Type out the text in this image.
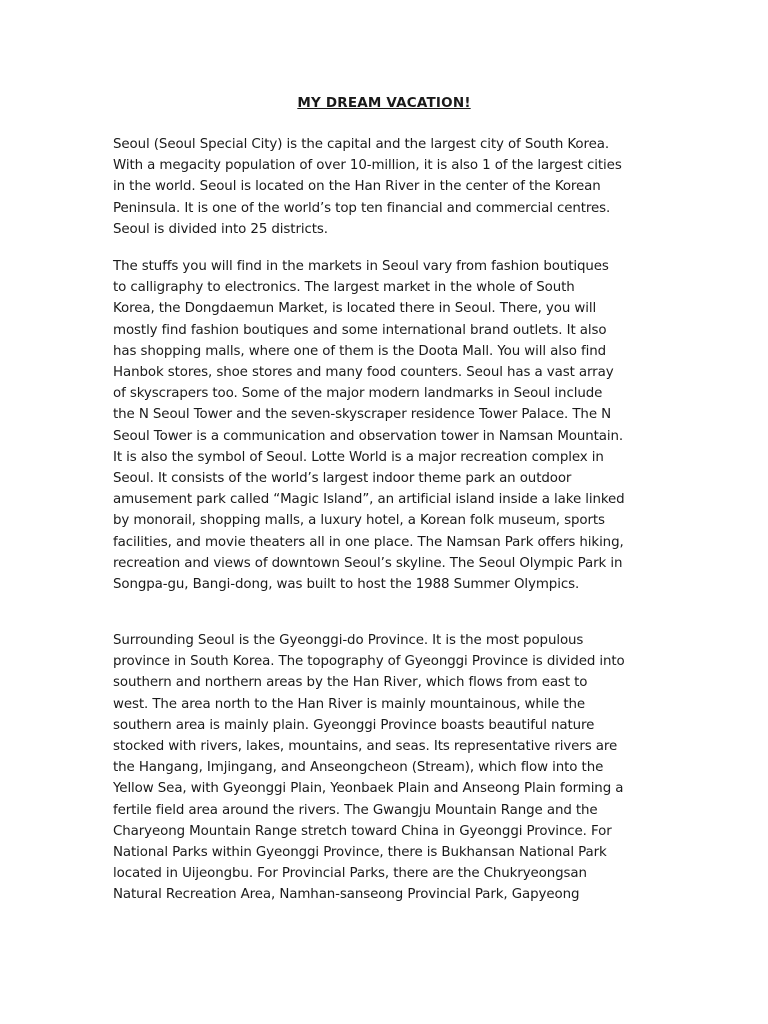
MY DREAM VACATION!
Seoul (Seoul Special City) is the capital and the largest city of South Korea.
With a megacity population of over 10-million, it is also 1 of the largest cities
in the world. Seoul is located on the Han River in the center of the Korean
Peninsula. It is one of the world’s top ten financial and commercial centres.
Seoul is divided into 25 districts.
The stuffs you will find in the markets in Seoul vary from fashion boutiques
to calligraphy to electronics. The largest market in the whole of South
Korea, the Dongdaemun Market, is located there in Seoul. There, you will
mostly find fashion boutiques and some international brand outlets. It also
has shopping malls, where one of them is the Doota Mall. You will also find
Hanbok stores, shoe stores and many food counters. Seoul has a vast array
of skyscrapers too. Some of the major modern landmarks in Seoul include
the N Seoul Tower and the seven-skyscraper residence Tower Palace. The N
Seoul Tower is a communication and observation tower in Namsan Mountain.
It is also the symbol of Seoul. Lotte World is a major recreation complex in
Seoul. It consists of the world’s largest indoor theme park an outdoor
amusement park called “Magic Island”, an artificial island inside a lake linked
by monorail, shopping malls, a luxury hotel, a Korean folk museum, sports
facilities, and movie theaters all in one place. The Namsan Park offers hiking,
recreation and views of downtown Seoul’s skyline. The Seoul Olympic Park in
Songpa-gu, Bangi-dong, was built to host the 1988 Summer Olympics.
Surrounding Seoul is the Gyeonggi-do Province. It is the most populous
province in South Korea. The topography of Gyeonggi Province is divided into
southern and northern areas by the Han River, which flows from east to
west. The area north to the Han River is mainly mountainous, while the
southern area is mainly plain. Gyeonggi Province boasts beautiful nature
stocked with rivers, lakes, mountains, and seas. Its representative rivers are
the Hangang, Imjingang, and Anseongcheon (Stream), which flow into the
Yellow Sea, with Gyeonggi Plain, Yeonbaek Plain and Anseong Plain forming a
fertile field area around the rivers. The Gwangju Mountain Range and the
Charyeong Mountain Range stretch toward China in Gyeonggi Province. For
National Parks within Gyeonggi Province, there is Bukhansan National Park
located in Uijeongbu. For Provincial Parks, there are the Chukryeongsan
Natural Recreation Area, Namhan-sanseong Provincial Park, Gapyeong
